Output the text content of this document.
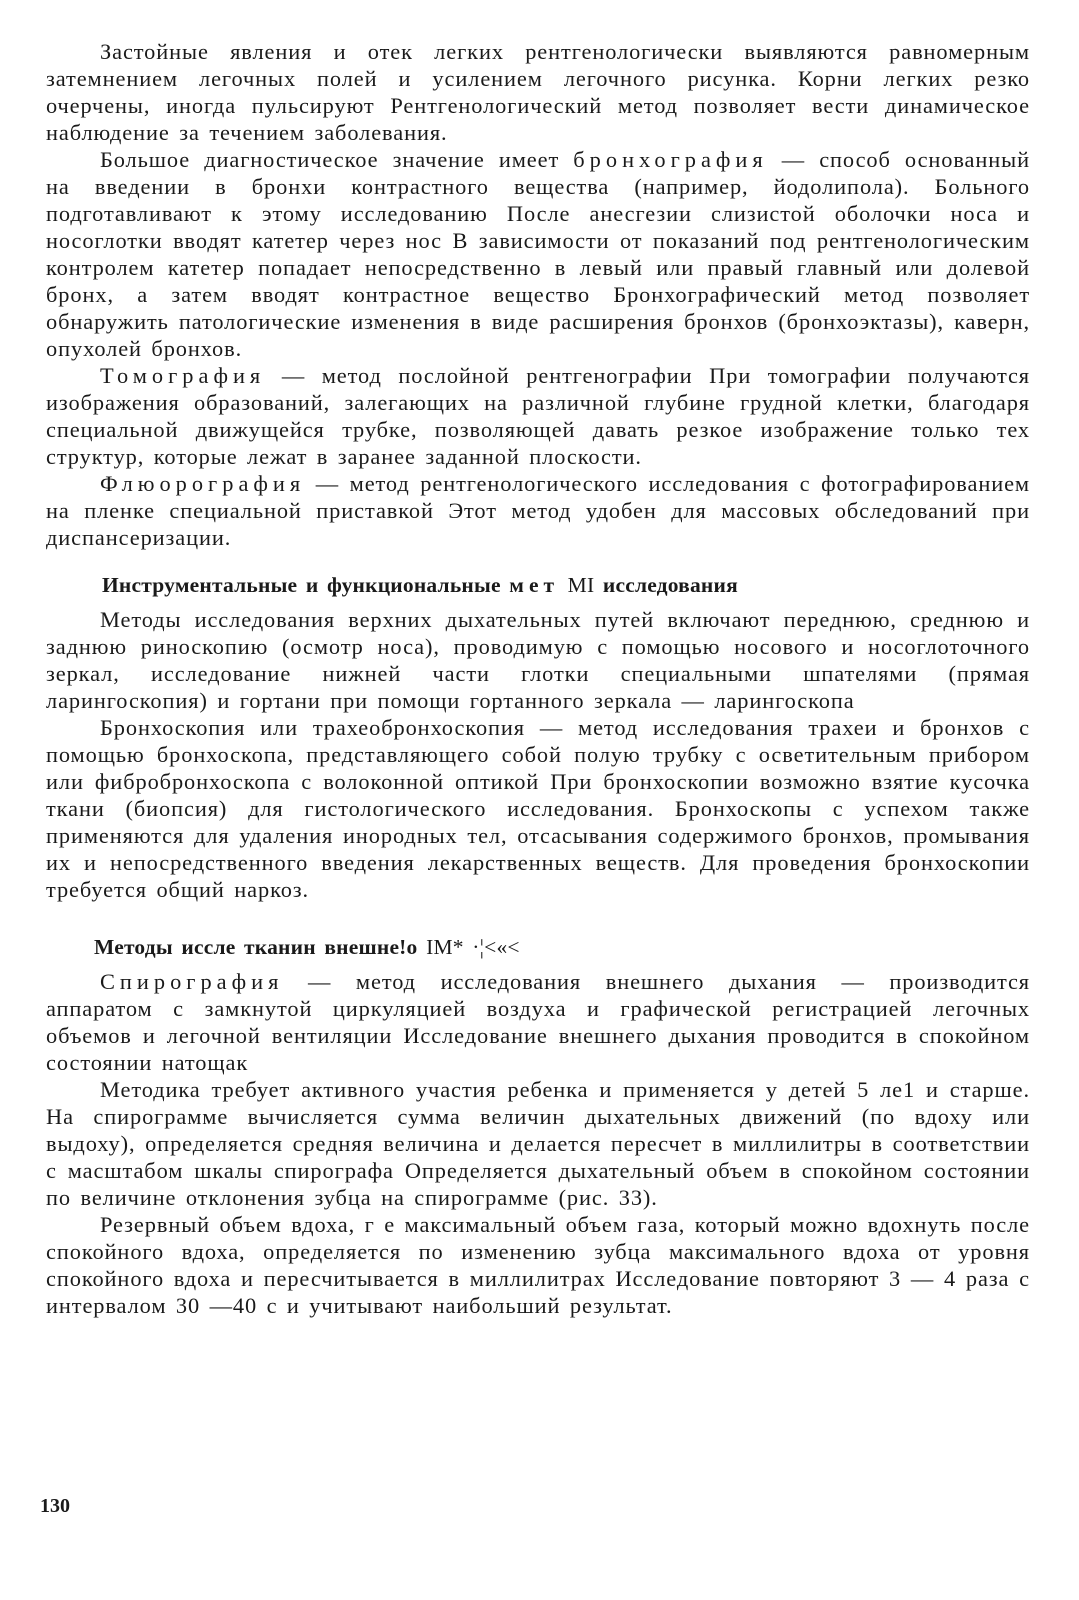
Застойные явления и отек легких рентгенологически выявляются равномерным затемнением легочных полей и усилением легочного рисунка. Корни легких резко очерчены, иногда пульсируют Рентгенологический метод позволяет вести динамическое наблюдение за течением заболевания.

Большое диагностическое значение имеет бронхография — способ основанный на введении в бронхи контрастного вещества (например, йодолипола). Больного подготавливают к этому исследованию После анесгезии слизистой оболочки носа и носоглотки вводят катетер через нос В зависимости от показаний под рентгенологическим контролем катетер попадает непосредственно в левый или правый главный или долевой бронх, а затем вводят контрастное вещество Бронхографический метод позволяет обнаружить патологические изменения в виде расширения бронхов (бронхоэктазы), каверн, опухолей бронхов.

Томография — метод послойной рентгенографии При томографии получаются изображения образований, залегающих на различной глубине грудной клетки, благодаря специальной движущейся трубке, позволяющей давать резкое изображение только тех структур, которые лежат в заранее заданной плоскости.

Флюорография — метод рентгенологического исследования с фотографированием на пленке специальной приставкой Этот метод удобен для массовых обследований при диспансеризации.

Инструментальные и функциональные мет MI исследования

Методы исследования верхних дыхательных путей включают переднюю, среднюю и заднюю риноскопию (осмотр носа), проводимую с помощью носового и носоглоточного зеркал, исследование нижней части глотки специальными шпателями (прямая ларингоскопия) и гортани при помощи гортанного зеркала — ларингоскопа

Бронхоскопия или трахеобронхоскопия — метод исследования трахеи и бронхов с помощью бронхоскопа, представляющего собой полую трубку с осветительным прибором или фибробронхоскопа с волоконной оптикой При бронхоскопии возможно взятие кусочка ткани (биопсия) для гистологического исследования. Бронхоскопы с успехом также применяются для удаления инородных тел, отсасывания содержимого бронхов, промывания их и непосредственного введения лекарственных веществ. Для проведения бронхоскопии требуется общий наркоз.

Методы иссле тканин внешне!о IM* ·¦<«<

Спирография — метод исследования внешнего дыхания — производится аппаратом с замкнутой циркуляцией воздуха и графической регистрацией легочных объемов и легочной вентиляции Исследование внешнего дыхания проводится в спокойном состоянии натощак

Методика требует активного участия ребенка и применяется у детей 5 ле1 и старше. На спирограмме вычисляется сумма величин дыхательных движений (по вдоху или выдоху), определяется средняя величина и делается пересчет в миллилитры в соответствии с масштабом шкалы спирографа Определяется дыхательный объем в спокойном состоянии по величине отклонения зубца на спирограмме (рис. 33).

Резервный объем вдоха, г е максимальный объем газа, который можно вдохнуть после спокойного вдоха, определяется по изменению зубца максимального вдоха от уровня спокойного вдоха и пересчитывается в миллилитрах Исследование повторяют 3 — 4 раза с интервалом 30 —40 с и учитывают наибольший результат.

130
